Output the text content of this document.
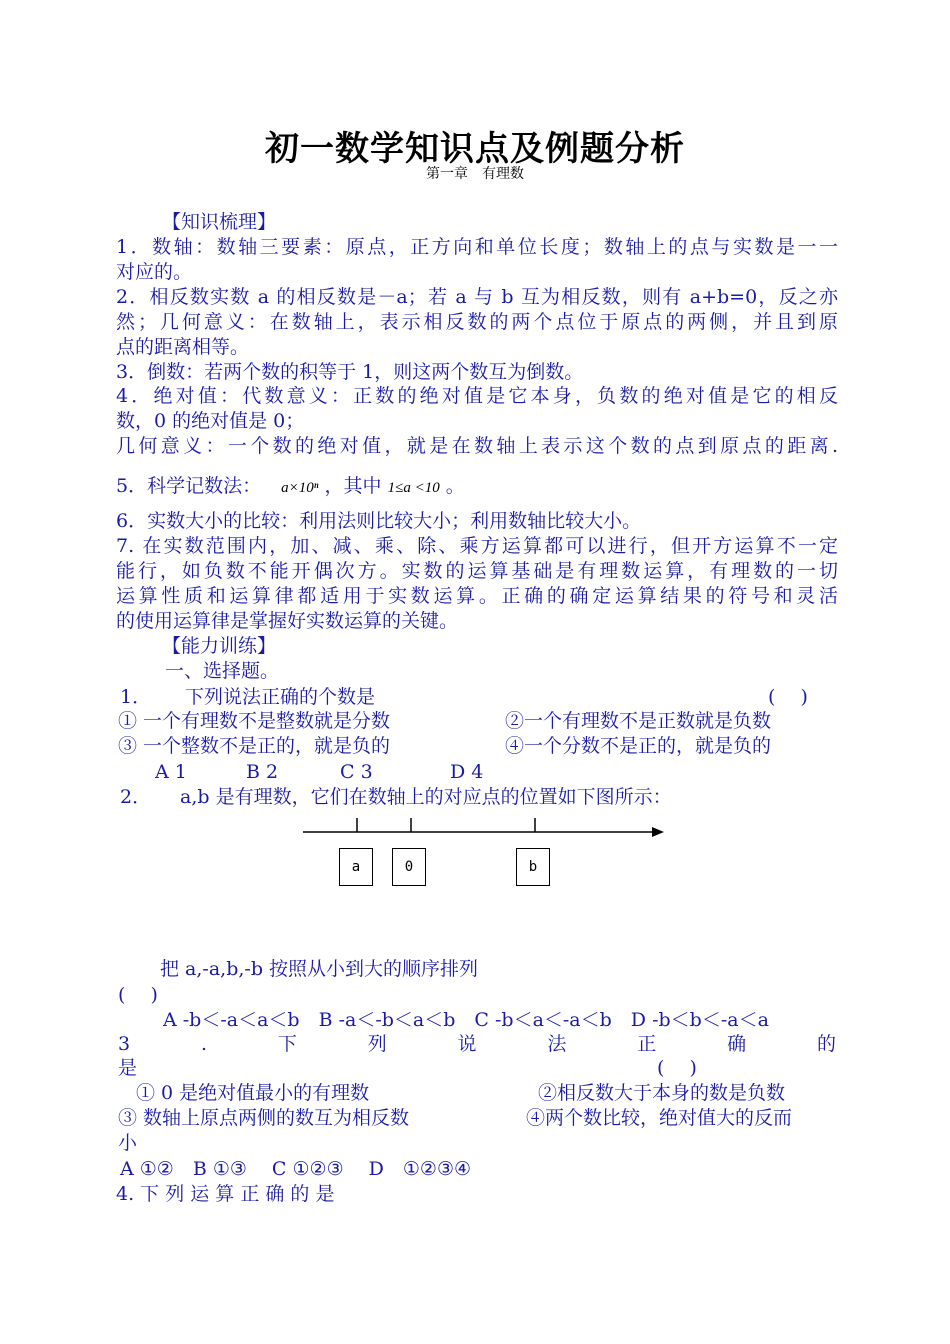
初一数学知识点及例题分析
第一章　有理数
【知识梳理】
1．数轴：数轴三要素：原点，正方向和单位长度；数轴上的点与实数是一一
对应的。
2．相反数实数 a 的相反数是－a；若 a 与 b 互为相反数，则有 a+b=0，反之亦
然；几何意义：在数轴上，表示相反数的两个点位于原点的两侧，并且到原
点的距离相等。
3．倒数：若两个数的积等于 1，则这两个数互为倒数。
4．绝对值：代数意义：正数的绝对值是它本身，负数的绝对值是它的相反
数，0 的绝对值是 0；
几何意义：一个数的绝对值，就是在数轴上表示这个数的点到原点的距离.
5．科学记数法： a×10ⁿ ，其中 1≤a <10 。
6．实数大小的比较：利用法则比较大小；利用数轴比较大小。
7. 在实数范围内，加、减、乘、除、乘方运算都可以进行，但开方运算不一定
能行，如负数不能开偶次方。实数的运算基础是有理数运算，有理数的一切
运算性质和运算律都适用于实数运算。正确的确定运算结果的符号和灵活
的使用运算律是掌握好实数运算的关键。
【能力训练】
一、选择题。
1． 下列说法正确的个数是	(　 )
① 一个有理数不是整数就是分数	②一个有理数不是正数就是负数
③ 一个整数不是正的，就是负的	④一个分数不是正的，就是负的
A 1	B 2	C 3	D 4
2． a,b 是有理数，它们在数轴上的对应点的位置如下图所示：
a	0	b
把 a,-a,b,-b 按照从小到大的顺序排列
(　 )
A -b＜-a＜a＜b　B -a＜-b＜a＜b　C -b＜a＜-a＜b　D -b＜b＜-a＜a
3	.	下	列	说	法	正	确	的
是	(　 )
① 0 是绝对值最小的有理数	②相反数大于本身的数是负数
③ 数轴上原点两侧的数互为相反数	④两个数比较，绝对值大的反而
小
A ①②　B ①③　 C ①②③　 D　①②③④
4. 下 列 运 算 正 确 的 是
